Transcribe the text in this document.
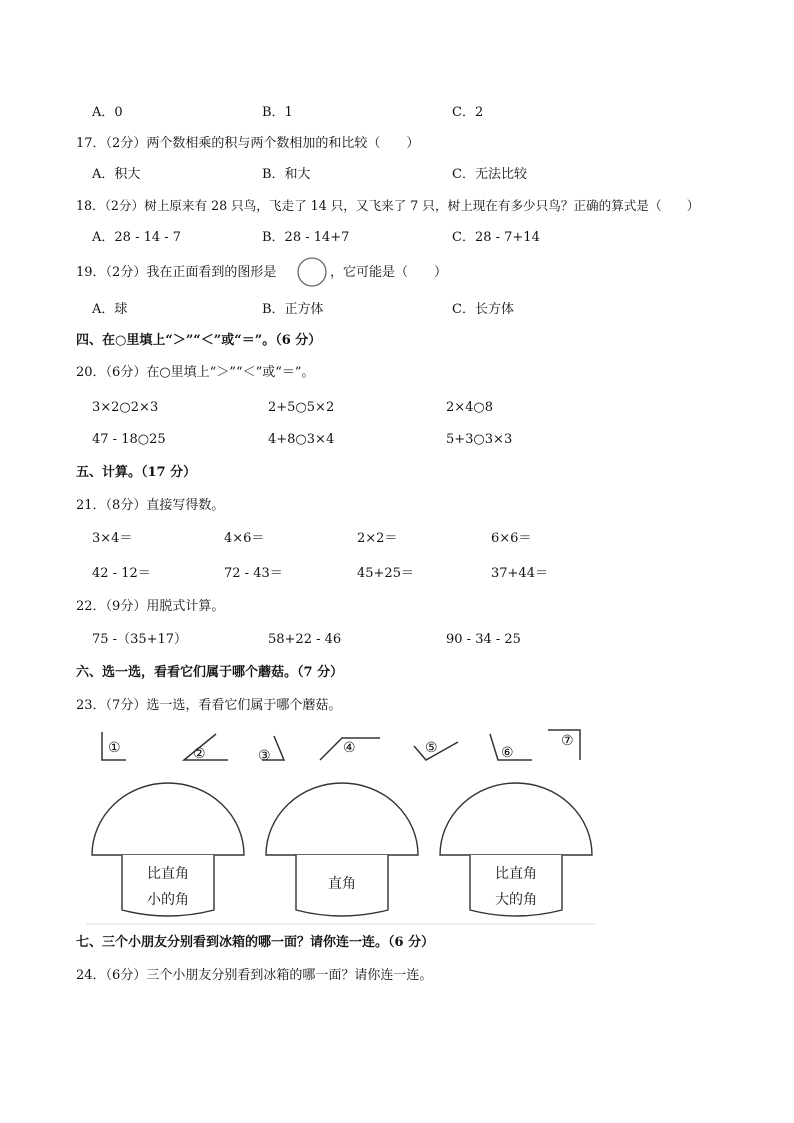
A．0	B．1	C．2
17．（2分）两个数相乘的积与两个数相加的和比较（　　）
A．积大	B．和大	C．无法比较
18．（2分）树上原来有 28 只鸟，飞走了 14 只，又飞来了 7 只，树上现在有多少只鸟？正确的算式是（　　）
A．28 - 14 - 7	B．28 - 14+7	C．28 - 7+14
19．（2分）我在正面看到的图形是	，它可能是（　　）
A．球	B．正方体	C．长方体
四、在○里填上“＞”“＜”或“＝”。（6 分）
20．（6分）在○里填上“＞”“＜”或“＝”。
3×2○2×3	2+5○5×2	2×4○8
47 - 18○25	4+8○3×4	5+3○3×3
五、计算。（17 分）
21．（8分）直接写得数。
3×4＝	4×6＝	2×2＝	6×6＝
42 - 12＝	72 - 43＝	45+25＝	37+44＝
22．（9分）用脱式计算。
75 -（35+17）	58+22 - 46	90 - 34 - 25
六、选一选，看看它们属于哪个蘑菇。（7 分）
23．（7分）选一选，看看它们属于哪个蘑菇。
①	②	③	④	⑤	⑥
⑦
比直角
小的角
直角
比直角
大的角
七、三个小朋友分别看到冰箱的哪一面？请你连一连。（6 分）
24．（6分）三个小朋友分别看到冰箱的哪一面？请你连一连。
